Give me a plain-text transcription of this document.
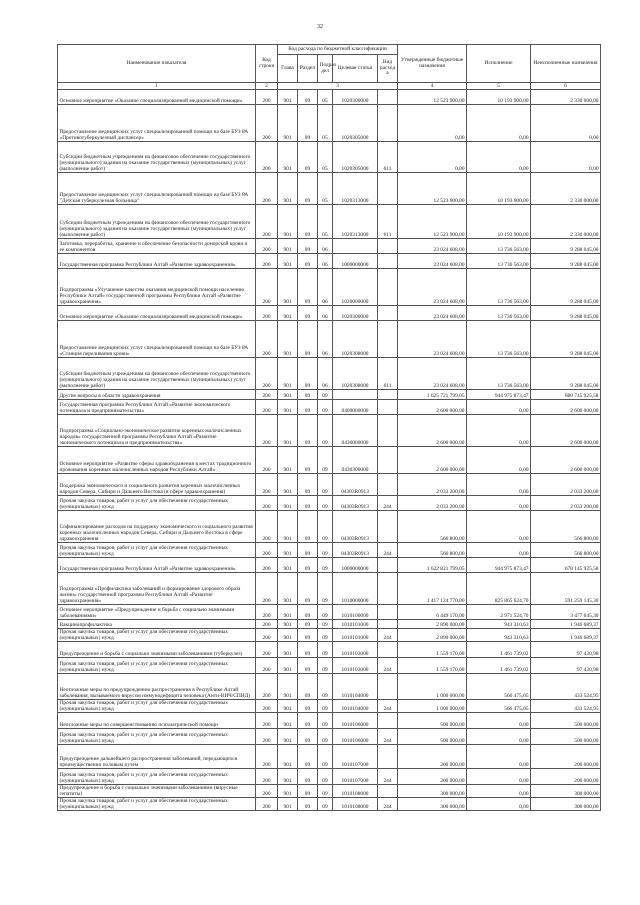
32
Наименование показателя	Код строки	Код расхода по бюджетной классификации					Утвержденные бюджетные назначения	Исполнение	Неисполненные назначения
		Глава	Раздел	Подраз дел	Целевая статья	Вид расход а			
1	2	3					4	5	6
Основное мероприятие «Оказание специализированной медицинской помощи»	200	901	09	05	1020300000		12 523 900,00	10 193 900,00	2 330 000,00
Предоставление медицинских услуг специализированной помощи на базе БУЗ РА «Противотуберкулезный диспансер»	200	901	09	05	1020305000		0,00	0,00	0,00
Субсидии бюджетным учреждениям на финансовое обеспечение государственного (муниципального) задания на оказание государственных (муниципальных) услуг (выполнение работ)	200	901	09	05	1020305000	611	0,00	0,00	0,00
Предоставление медицинских услуг специализированной помощи на базе БУЗ РА "Детская туберкулезная больница"	200	901	09	05	1020313000		12 523 900,00	10 193 900,00	2 330 000,00
Субсидии бюджетным учреждениям на финансовое обеспечение государственного (муниципального) задания на оказание государственных (муниципальных) услуг (выполнение работ)	200	901	09	05	1020313000	611	12 523 900,00	10 193 900,00	2 330 000,00
Заготовка, переработка, хранение и обеспечение безопасности донорской крови и ее компонентов	200	901	09	06			23 024 608,00	13 736 563,00	9 288 045,00
Государственная программа Республики Алтай «Развитие здравоохранения»	200	901	09	06	1000000000		23 024 608,00	13 736 563,00	9 288 045,00
Подпрограмма «Улучшение качества оказания медицинской помощи населению Республики Алтай» государственной программы Республики Алтай «Развитие здравоохранения»	200	901	09	06	1020000000		23 024 608,00	13 736 563,00	9 288 045,00
Основное мероприятие «Оказание специализированной медицинской помощи»	200	901	09	06	1020300000		23 024 608,00	13 736 563,00	9 288 045,00
Предоставление медицинских услуг специализированной помощи на базе БУЗ РА «Станция переливания крови»	200	901	09	06	1020308000		23 024 608,00	13 736 563,00	9 288 045,00
Субсидии бюджетным учреждениям на финансовое обеспечение государственного (муниципального) задания на оказание государственных (муниципальных) услуг (выполнение работ)	200	901	09	06	1020308000	611	23 024 608,00	13 736 563,00	9 288 045,00
Другие вопросы в области здравоохранения	200	901	09	09			1 625 721 799,05	944 975 873,47	680 745 925,58
Государственная программа Республики Алтай «Развитие экономического потенциала и предпринимательства»	200	901	09	09	0400000000		2 600 000,00	0,00	2 600 000,00
Подпрограмма «Социально-экономическое развитие коренных малочисленных народов» государственной программы Республики Алтай «Развитие экономического потенциала и предпринимательства»	200	901	09	09	0430000000		2 600 000,00	0,00	2 600 000,00
Основное мероприятие «Развитие сферы здравоохранения в местах традиционного проживания коренных малочисленных народов Республики Алтай»	200	901	09	09	0430300000		2 600 000,00	0,00	2 600 000,00
Поддержка экономического и социального развития коренных малочисленных народов Севера, Сибири и Дальнего Востока (в сфере здравоохранения)	200	901	09	09	04303R0913		2 033 200,00	0,00	2 033 200,00
Прочая закупка товаров, работ и услуг для обеспечения государственных (муниципальных) нужд	200	901	09	09	04303R0913	244	2 033 200,00	0,00	2 033 200,00
Софинансирование расходов на поддержку экономического и социального развития коренных малочисленных народов Севера, Сибири и Дальнего Востока в сфере здравоохранения	200	901	09	09	04303R0913		566 800,00	0,00	566 800,00
Прочая закупка товаров, работ и услуг для обеспечения государственных (муниципальных) нужд	200	901	09	09	04303R0913	244	566 800,00	0,00	566 800,00
Государственная программа Республики Алтай «Развитие здравоохранения»	200	901	09	09	1000000000		1 622 821 799,05	944 975 873,47	678 145 925,58
Подпрограмма «Профилактика заболеваний и формирование здорового образа жизни» государственной программы Республики Алтай «Развитие здравоохранения»	200	901	09	09	1010000000		1 417 124 770,00	825 865 624,70	591 259 145,30
Основное мероприятие «Предупреждение и борьба с социально значимыми заболеваниями»	200	901	09	09	1010100000		6 449 170,00	2 971 524,70	3 477 645,30
Вакцинопрофилактика	200	901	09	09	1010101000		2 890 000,00	943 310,63	1 946 689,37
Прочая закупка товаров, работ и услуг для обеспечения государственных (муниципальных) нужд	200	901	09	09	1010101000	244	2 890 000,00	943 310,63	1 946 689,37
Предупреждение и борьба с социально значимыми заболеваниями (туберкулез)	200	901	09	09	1010103000		1 559 170,00	1 461 739,02	97 430,98
Прочая закупка товаров, работ и услуг для обеспечения государственных (муниципальных) нужд	200	901	09	09	1010103000	244	1 559 170,00	1 461 739,02	97 430,98
Неотложные меры по предупреждению распространения в Республике Алтай заболевания, вызываемого вирусом иммунодефицита человека (Анти-ВИЧ/СПИД)	200	901	09	09	1010104000		1 000 000,00	566 475,05	433 524,95
Прочая закупка товаров, работ и услуг для обеспечения государственных (муниципальных) нужд	200	901	09	09	1010104000	244	1 000 000,00	566 475,05	433 524,95
Неотложные меры по совершенствованию психиатрической помощи	200	901	09	09	1010106000		500 000,00	0,00	500 000,00
Прочая закупка товаров, работ и услуг для обеспечения государственных (муниципальных) нужд	200	901	09	09	1010106000	244	500 000,00	0,00	500 000,00
Предупреждение дальнейшего распространения заболеваний, передающихся преимущественно половым путем	200	901	09	09	1010107000		200 000,00	0,00	200 000,00
Прочая закупка товаров, работ и услуг для обеспечения государственных (муниципальных) нужд	200	901	09	09	1010107000	244	200 000,00	0,00	200 000,00
Предупреждение и борьба с социально значимыми заболеваниями (вирусные гепатиты)	200	901	09	09	1010108000		300 000,00	0,00	300 000,00
Прочая закупка товаров, работ и услуг для обеспечения государственных (муниципальных) нужд	200	901	09	09	1010108000	244	300 000,00	0,00	300 000,00
